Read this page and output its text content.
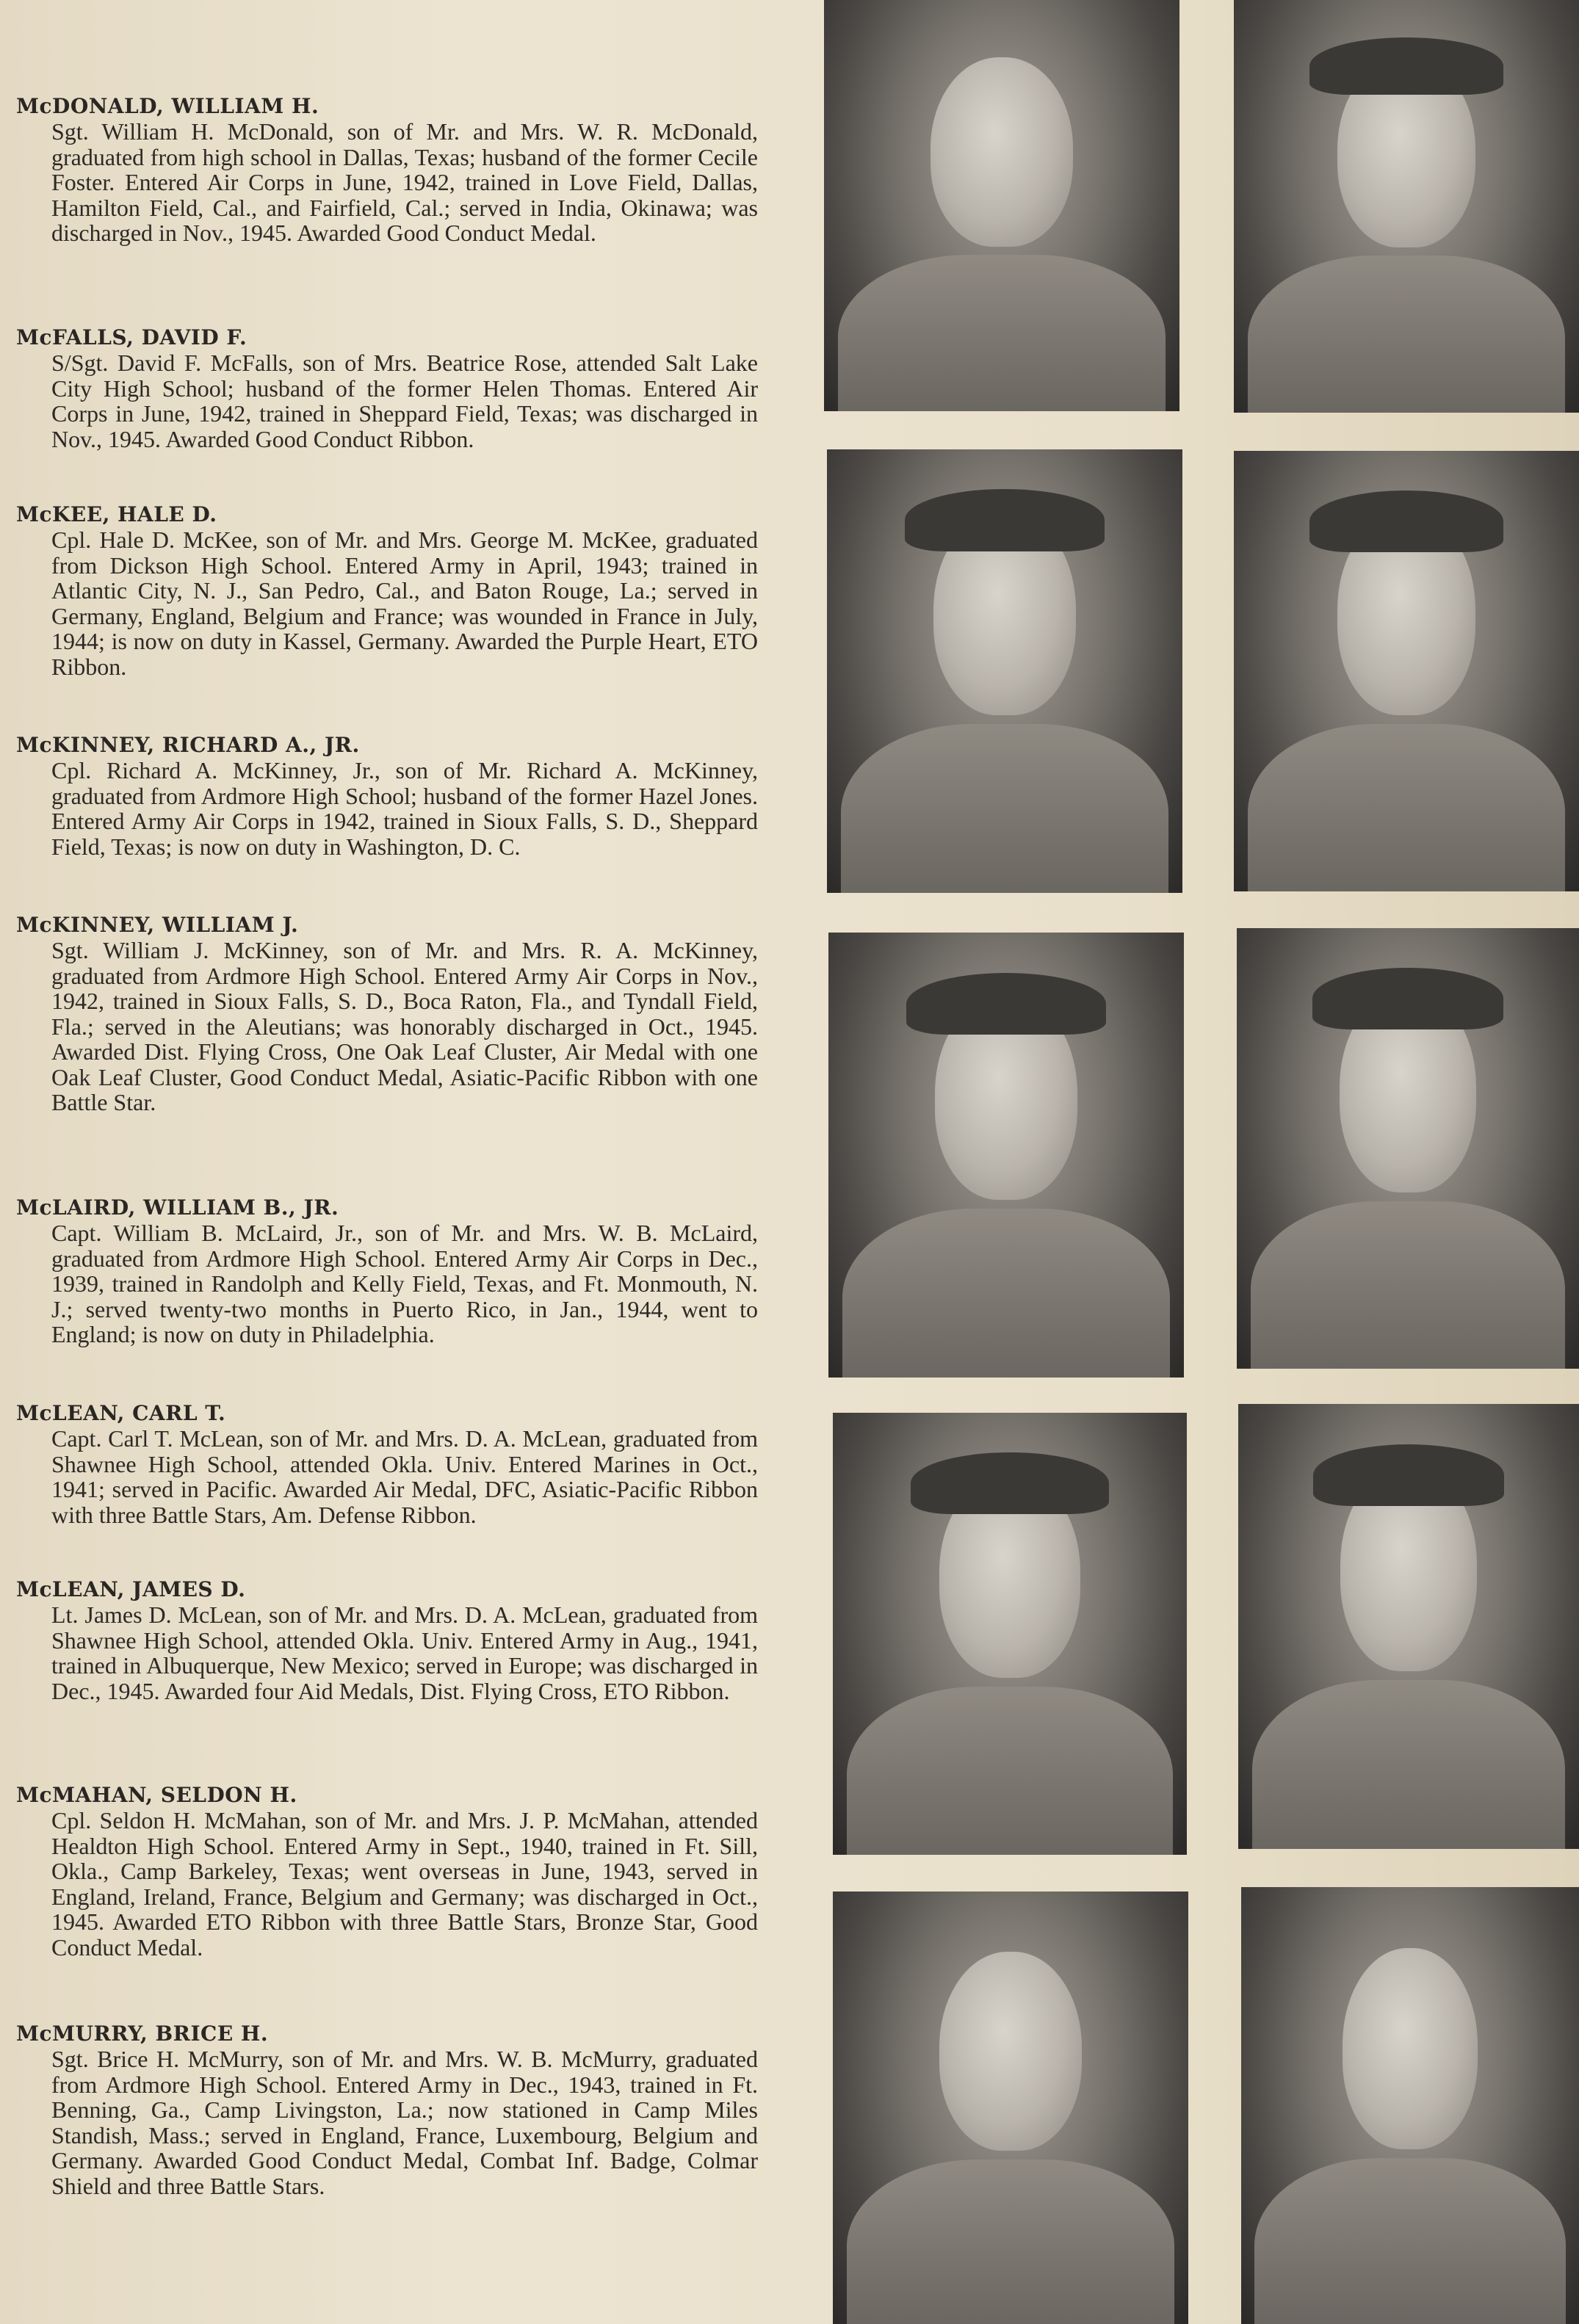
McDONALD, WILLIAM H.

Sgt. William H. McDonald, son of Mr. and Mrs. W. R. McDonald, graduated from high school in Dallas, Texas; husband of the former Cecile Foster. Entered Air Corps in June, 1942, trained in Love Field, Dallas, Hamilton Field, Cal., and Fairfield, Cal.; served in India, Okinawa; was discharged in Nov., 1945. Awarded Good Conduct Medal.

McFALLS, DAVID F.

S/Sgt. David F. McFalls, son of Mrs. Beatrice Rose, attended Salt Lake City High School; husband of the former Helen Thomas. Entered Air Corps in June, 1942, trained in Sheppard Field, Texas; was discharged in Nov., 1945. Awarded Good Conduct Ribbon.

McKEE, HALE D.

Cpl. Hale D. McKee, son of Mr. and Mrs. George M. McKee, graduated from Dickson High School. Entered Army in April, 1943; trained in Atlantic City, N. J., San Pedro, Cal., and Baton Rouge, La.; served in Germany, England, Belgium and France; was wounded in France in July, 1944; is now on duty in Kassel, Germany. Awarded the Purple Heart, ETO Ribbon.

McKINNEY, RICHARD A., JR.

Cpl. Richard A. McKinney, Jr., son of Mr. Richard A. McKinney, graduated from Ardmore High School; husband of the former Hazel Jones. Entered Army Air Corps in 1942, trained in Sioux Falls, S. D., Sheppard Field, Texas; is now on duty in Washington, D. C.

McKINNEY, WILLIAM J.

Sgt. William J. McKinney, son of Mr. and Mrs. R. A. McKinney, graduated from Ardmore High School. Entered Army Air Corps in Nov., 1942, trained in Sioux Falls, S. D., Boca Raton, Fla., and Tyndall Field, Fla.; served in the Aleutians; was honorably discharged in Oct., 1945. Awarded Dist. Flying Cross, One Oak Leaf Cluster, Air Medal with one Oak Leaf Cluster, Good Conduct Medal, Asiatic-Pacific Ribbon with one Battle Star.

McLAIRD, WILLIAM B., JR.

Capt. William B. McLaird, Jr., son of Mr. and Mrs. W. B. McLaird, graduated from Ardmore High School. Entered Army Air Corps in Dec., 1939, trained in Randolph and Kelly Field, Texas, and Ft. Monmouth, N. J.; served twenty-two months in Puerto Rico, in Jan., 1944, went to England; is now on duty in Philadelphia.

McLEAN, CARL T.

Capt. Carl T. McLean, son of Mr. and Mrs. D. A. McLean, graduated from Shawnee High School, attended Okla. Univ. Entered Marines in Oct., 1941; served in Pacific. Awarded Air Medal, DFC, Asiatic-Pacific Ribbon with three Battle Stars, Am. Defense Ribbon.

McLEAN, JAMES D.

Lt. James D. McLean, son of Mr. and Mrs. D. A. McLean, graduated from Shawnee High School, attended Okla. Univ. Entered Army in Aug., 1941, trained in Albuquerque, New Mexico; served in Europe; was discharged in Dec., 1945. Awarded four Aid Medals, Dist. Flying Cross, ETO Ribbon.

McMAHAN, SELDON H.

Cpl. Seldon H. McMahan, son of Mr. and Mrs. J. P. McMahan, attended Healdton High School. Entered Army in Sept., 1940, trained in Ft. Sill, Okla., Camp Barkeley, Texas; went overseas in June, 1943, served in England, Ireland, France, Belgium and Germany; was discharged in Oct., 1945. Awarded ETO Ribbon with three Battle Stars, Bronze Star, Good Conduct Medal.

McMURRY, BRICE H.

Sgt. Brice H. McMurry, son of Mr. and Mrs. W. B. McMurry, graduated from Ardmore High School. Entered Army in Dec., 1943, trained in Ft. Benning, Ga., Camp Livingston, La.; now stationed in Camp Miles Standish, Mass.; served in England, France, Luxembourg, Belgium and Germany. Awarded Good Conduct Medal, Combat Inf. Badge, Colmar Shield and three Battle Stars.
